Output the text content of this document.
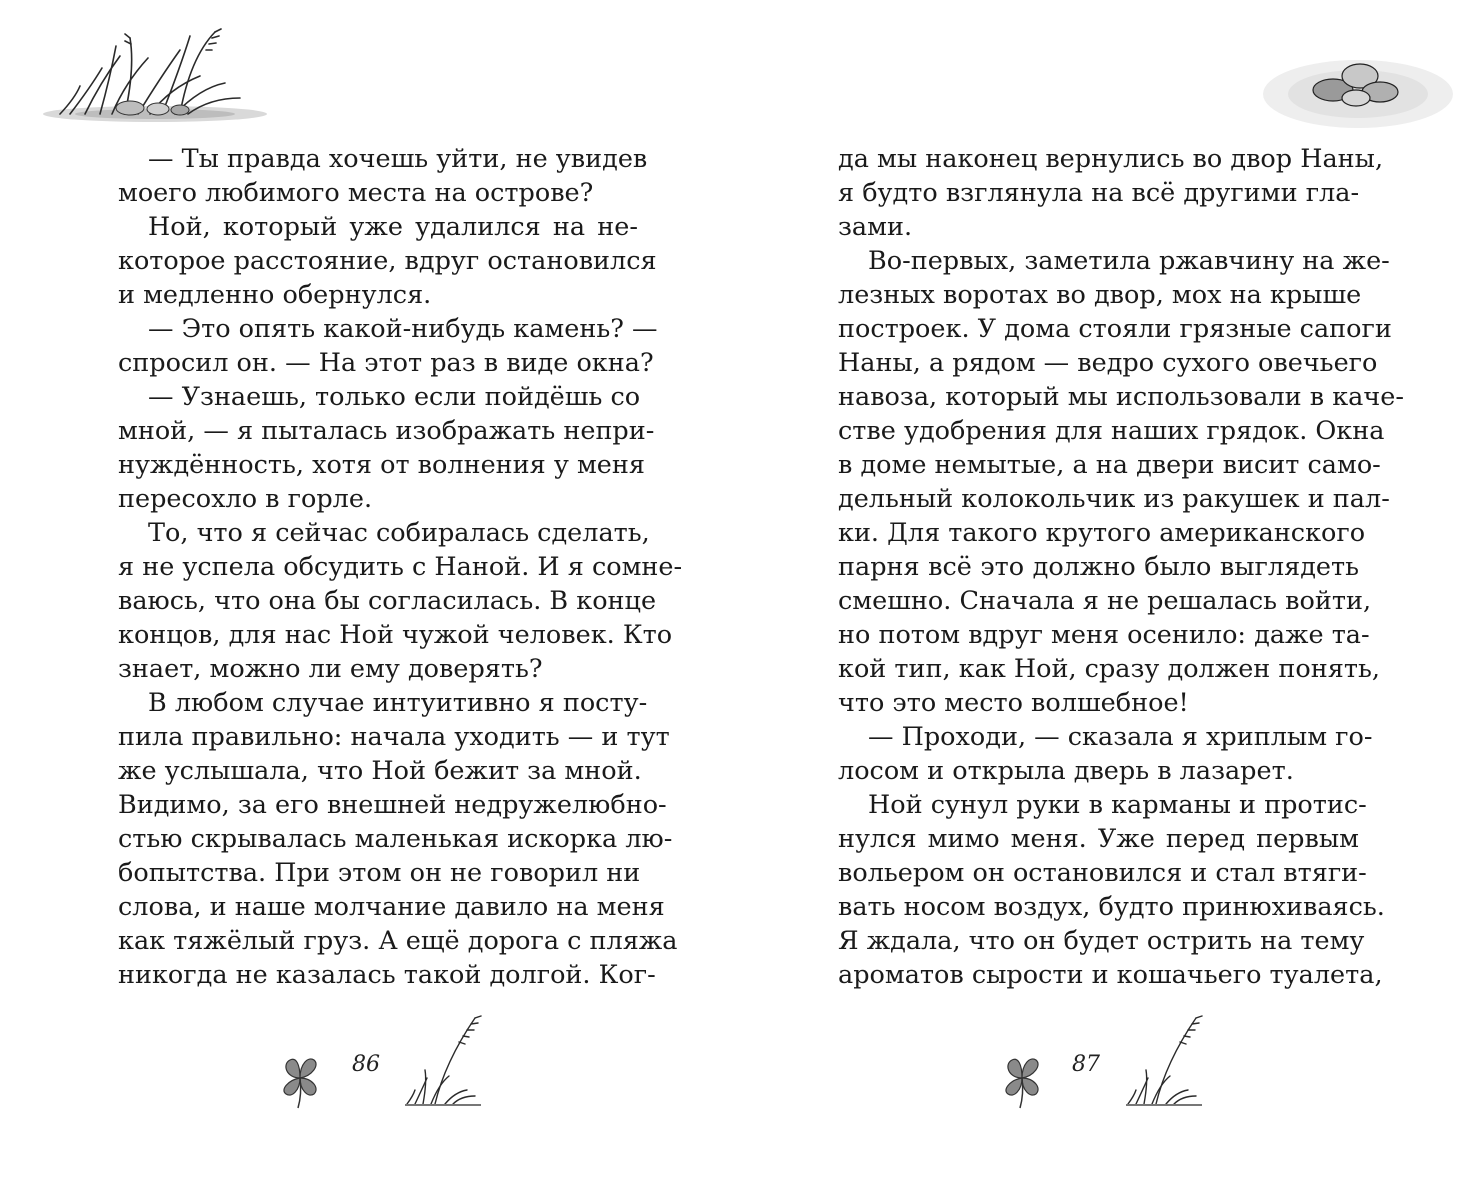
— Ты правда хочешь уйти, не увидев
моего любимого места на острове?
Ной, который уже удалился на не-
которое расстояние, вдруг остановился
и медленно обернулся.
— Это опять какой-нибудь камень? —
спросил он. — На этот раз в виде окна?
— Узнаешь, только если пойдёшь со
мной, — я пыталась изображать непри-
нуждённость, хотя от волнения у меня
пересохло в горле.
То, что я сейчас собиралась сделать,
я не успела обсудить с Наной. И я сомне-
ваюсь, что она бы согласилась. В конце
концов, для нас Ной чужой человек. Кто
знает, можно ли ему доверять?
В любом случае интуитивно я посту-
пила правильно: начала уходить — и тут
же услышала, что Ной бежит за мной.
Видимо, за его внешней недружелюбно-
стью скрывалась маленькая искорка лю-
бопытства. При этом он не говорил ни
слова, и наше молчание давило на меня
как тяжёлый груз. А ещё дорога с пляжа
никогда не казалась такой долгой. Ког-
86
да мы наконец вернулись во двор Наны,
я будто взглянула на всё другими гла-
зами.
Во-первых, заметила ржавчину на же-
лезных воротах во двор, мох на крыше
построек. У дома стояли грязные сапоги
Наны, а рядом — ведро сухого овечьего
навоза, который мы использовали в каче-
стве удобрения для наших грядок. Окна
в доме немытые, а на двери висит само-
дельный колокольчик из ракушек и пал-
ки. Для такого крутого американского
парня всё это должно было выглядеть
смешно. Сначала я не решалась войти,
но потом вдруг меня осенило: даже та-
кой тип, как Ной, сразу должен понять,
что это место волшебное!
— Проходи, — сказала я хриплым го-
лосом и открыла дверь в лазарет.
Ной сунул руки в карманы и протис-
нулся мимо меня. Уже перед первым
вольером он остановился и стал втяги-
вать носом воздух, будто принюхиваясь.
Я ждала, что он будет острить на тему
ароматов сырости и кошачьего туалета,
87
